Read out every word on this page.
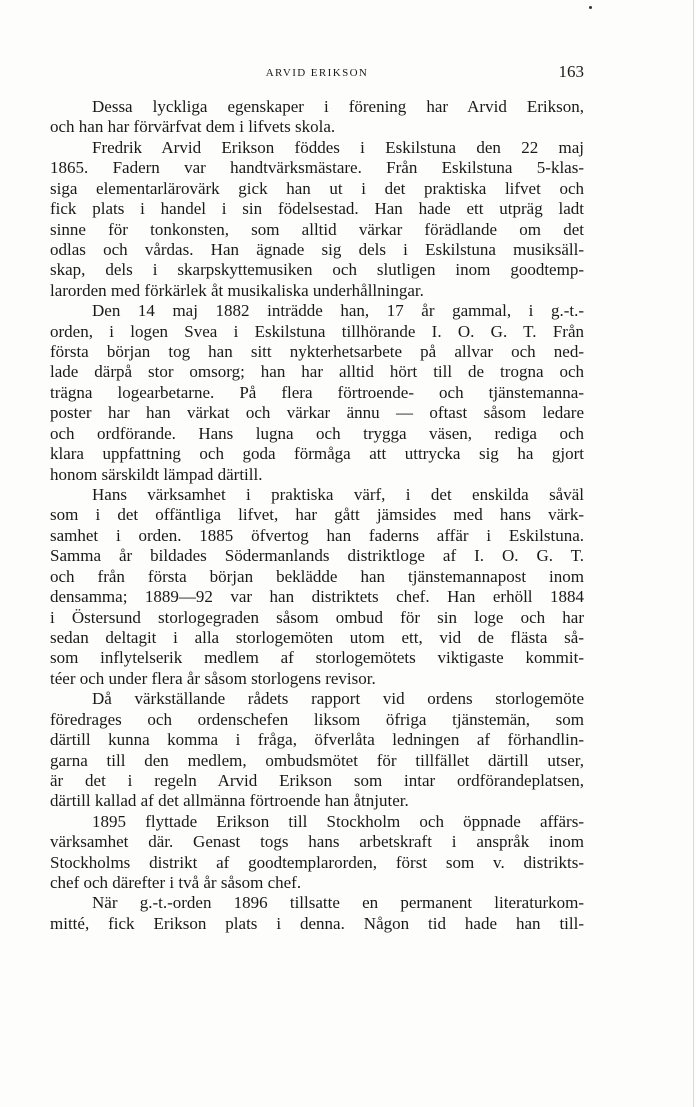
ARVID ERIKSON	163
Dessa lyckliga egenskaper i förening har Arvid Erikson,
och han har förvärfvat dem i lifvets skola.
Fredrik Arvid Erikson föddes i Eskilstuna den 22 maj
1865. Fadern var handtvärksmästare. Från Eskilstuna 5-klas-
siga elementarlärovärk gick han ut i det praktiska lifvet och
fick plats i handel i sin födelsestad. Han hade ett utpräg ladt
sinne för tonkonsten, som alltid värkar förädlande om det
odlas och vårdas. Han ägnade sig dels i Eskilstuna musiksäll-
skap, dels i skarpskyttemusiken och slutligen inom goodtemp-
larorden med förkärlek åt musikaliska underhållningar.
Den 14 maj 1882 inträdde han, 17 år gammal, i g.-t.-
orden, i logen Svea i Eskilstuna tillhörande I. O. G. T. Från
första början tog han sitt nykterhetsarbete på allvar och ned-
lade därpå stor omsorg; han har alltid hört till de trogna och
trägna logearbetarne. På flera förtroende- och tjänstemanna-
poster har han värkat och värkar ännu — oftast såsom ledare
och ordförande. Hans lugna och trygga väsen, rediga och
klara uppfattning och goda förmåga att uttrycka sig ha gjort
honom särskildt lämpad därtill.
Hans värksamhet i praktiska värf, i det enskilda såväl
som i det offäntliga lifvet, har gått jämsides med hans värk-
samhet i orden. 1885 öfvertog han faderns affär i Eskilstuna.
Samma år bildades Södermanlands distriktloge af I. O. G. T.
och från första början beklädde han tjänstemannapost inom
densamma; 1889—92 var han distriktets chef. Han erhöll 1884
i Östersund storlogegraden såsom ombud för sin loge och har
sedan deltagit i alla storlogemöten utom ett, vid de flästa så-
som inflytelserik medlem af storlogemötets viktigaste kommit-
téer och under flera år såsom storlogens revisor.
Då värkställande rådets rapport vid ordens storlogemöte
föredrages och ordenschefen liksom öfriga tjänstemän, som
därtill kunna komma i fråga, öfverlåta ledningen af förhandlin-
garna till den medlem, ombudsmötet för tillfället därtill utser,
är det i regeln Arvid Erikson som intar ordförandeplatsen,
därtill kallad af det allmänna förtroende han åtnjuter.
1895 flyttade Erikson till Stockholm och öppnade affärs-
värksamhet där. Genast togs hans arbetskraft i anspråk inom
Stockholms distrikt af goodtemplarorden, först som v. distrikts-
chef och därefter i två år såsom chef.
När g.-t.-orden 1896 tillsatte en permanent literaturkom-
mitté, fick Erikson plats i denna. Någon tid hade han till-
